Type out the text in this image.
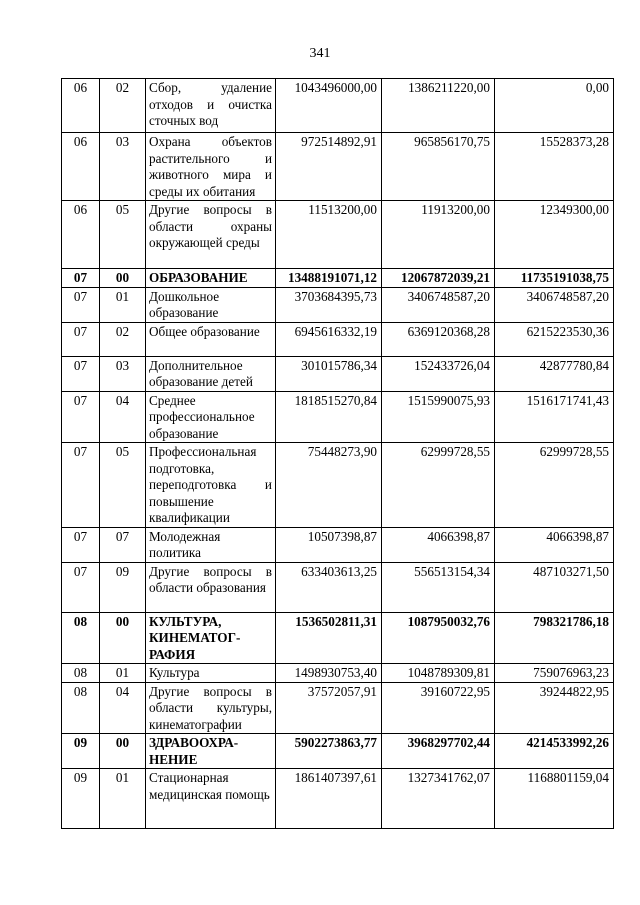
341
06	02	Сбор, удаление отходов и очистка сточных вод	1043496000,00	1386211220,00	0,00
06	03	Охрана объектов растительного и животного мира и среды их обитания	972514892,91	965856170,75	15528373,28
06	05	Другие вопросы в области охраны окружающей среды	11513200,00	11913200,00	12349300,00
07	00	ОБРАЗОВАНИЕ	13488191071,12	12067872039,21	11735191038,75
07	01	Дошкольное образование	3703684395,73	3406748587,20	3406748587,20
07	02	Общее образование	6945616332,19	6369120368,28	6215223530,36
07	03	Дополнительное образование детей	301015786,34	152433726,04	42877780,84
07	04	Среднее профессиональное образование	1818515270,84	1515990075,93	1516171741,43
07	05	Профессиональная подготовка, переподготовка и повышение квалификации	75448273,90	62999728,55	62999728,55
07	07	Молодежная политика	10507398,87	4066398,87	4066398,87
07	09	Другие вопросы в области образования	633403613,25	556513154,34	487103271,50
08	00	КУЛЬТУРА, КИНЕМАТОГ-РАФИЯ	1536502811,31	1087950032,76	798321786,18
08	01	Культура	1498930753,40	1048789309,81	759076963,23
08	04	Другие вопросы в области культуры, кинематографии	37572057,91	39160722,95	39244822,95
09	00	ЗДРАВООХРА-НЕНИЕ	5902273863,77	3968297702,44	4214533992,26
09	01	Стационарная медицинская помощь	1861407397,61	1327341762,07	1168801159,04
